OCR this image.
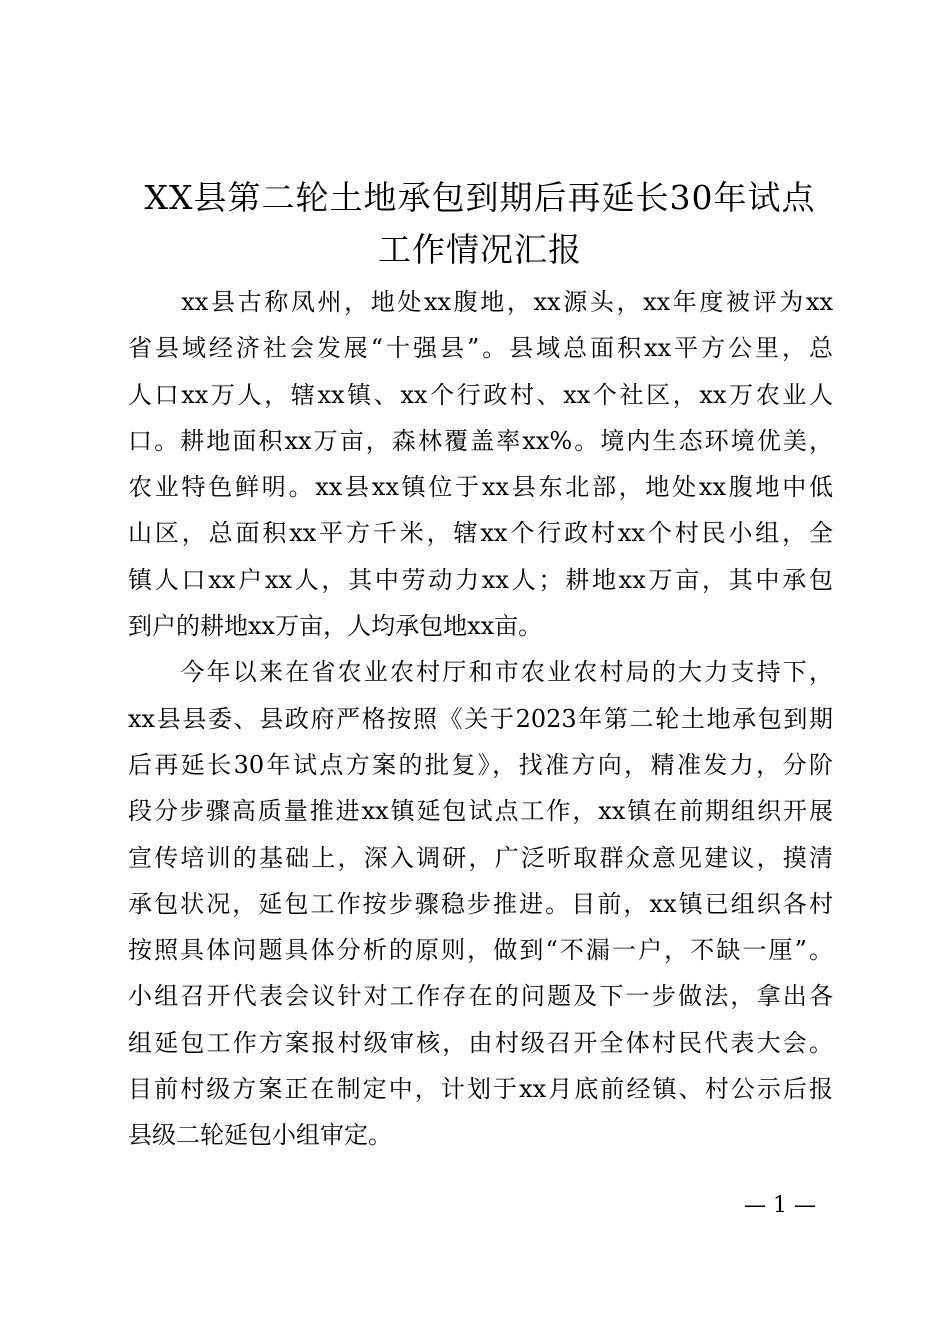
XX县第二轮土地承包到期后再延长30年试点
工作情况汇报
　　xx县古称凤州，地处xx腹地，xx源头，xx年度被评为xx
省县域经济社会发展“十强县”。县域总面积xx平方公里，总
人口xx万人，辖xx镇、xx个行政村、xx个社区，xx万农业人
口。耕地面积xx万亩，森林覆盖率xx%。境内生态环境优美，
农业特色鲜明。xx县xx镇位于xx县东北部，地处xx腹地中低
山区，总面积xx平方千米，辖xx个行政村xx个村民小组，全
镇人口xx户xx人，其中劳动力xx人；耕地xx万亩，其中承包
到户的耕地xx万亩，人均承包地xx亩。
　　今年以来在省农业农村厅和市农业农村局的大力支持下，
xx县县委、县政府严格按照《关于2023年第二轮土地承包到期
后再延长30年试点方案的批复》，找准方向，精准发力，分阶
段分步骤高质量推进xx镇延包试点工作，xx镇在前期组织开展
宣传培训的基础上，深入调研，广泛听取群众意见建议，摸清
承包状况，延包工作按步骤稳步推进。目前，xx镇已组织各村
按照具体问题具体分析的原则，做到“不漏一户，不缺一厘”。
小组召开代表会议针对工作存在的问题及下一步做法，拿出各
组延包工作方案报村级审核，由村级召开全体村民代表大会。
目前村级方案正在制定中，计划于xx月底前经镇、村公示后报
县级二轮延包小组审定。
— 1 —
